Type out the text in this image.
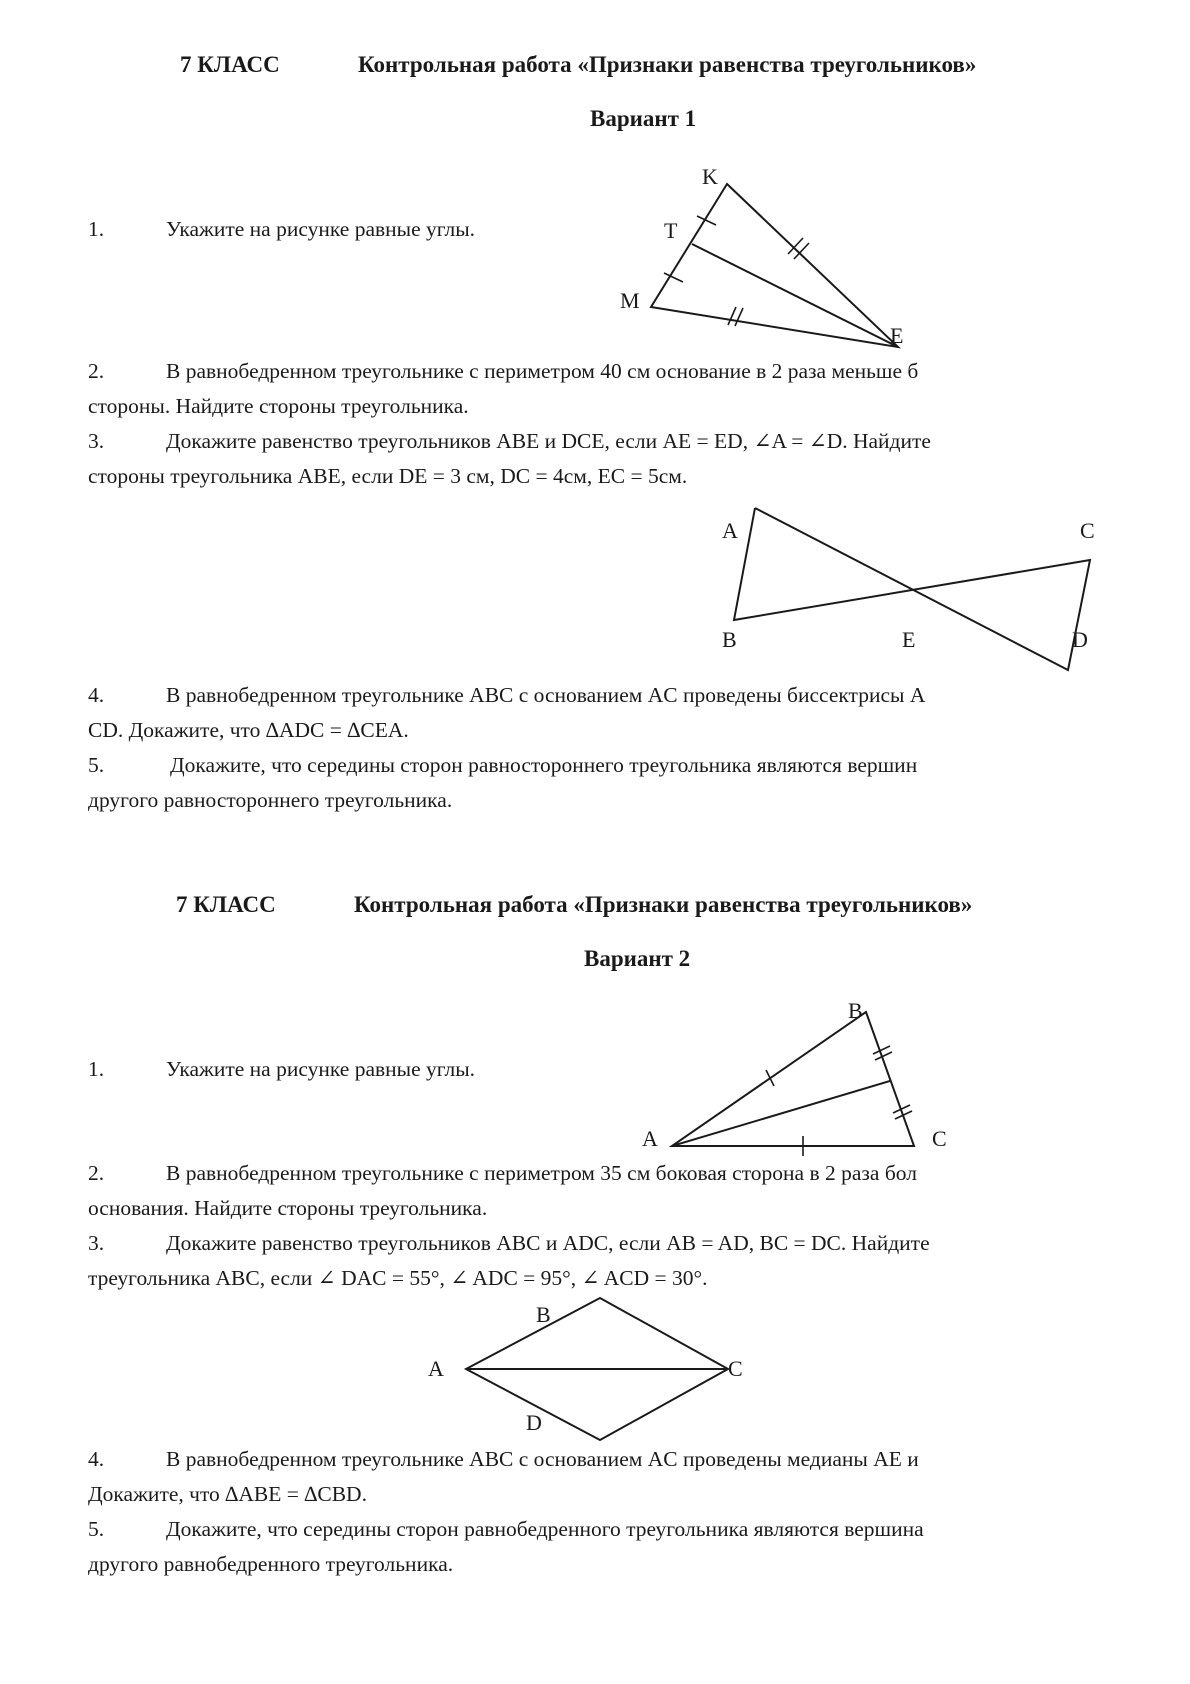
7 КЛАСС	Контрольная работа «Признаки равенства треугольников»
Вариант 1
1.	Укажите на рисунке равные углы.
K
T
M
E
2.	В равнобедренном треугольнике с периметром 40 см основание в 2 раза меньше б
стороны. Найдите стороны треугольника.
3.	Докажите равенство треугольников ABE и DCE, если AE = ED, ∠A = ∠D. Найдите
стороны треугольника ABE, если DE = 3 см, DC = 4см, EC = 5см.
A	C
B	E	D
4.	В равнобедренном треугольнике ABC с основанием AC проведены биссектрисы А
CD. Докажите, что ∆ADC = ∆CEA.
5.	Докажите, что середины сторон равностороннего треугольника являются вершин
другого равностороннего треугольника.
7 КЛАСС	Контрольная работа «Признаки равенства треугольников»
Вариант 2
1.	Укажите на рисунке равные углы.
B
A	C
2.	В равнобедренном треугольнике с периметром 35 см боковая сторона в 2 раза бол
основания. Найдите стороны треугольника.
3.	Докажите равенство треугольников ABC и ADC, если AB = AD, BC = DC. Найдите
треугольника ABC, если ∠ DAC = 55°, ∠ ADC = 95°, ∠ ACD = 30°.
B
A	C
D
4.	В равнобедренном треугольнике ABC с основанием AC проведены медианы AE и
Докажите, что ∆ABE = ∆CBD.
5.	Докажите, что середины сторон равнобедренного треугольника являются вершина
другого равнобедренного треугольника.
